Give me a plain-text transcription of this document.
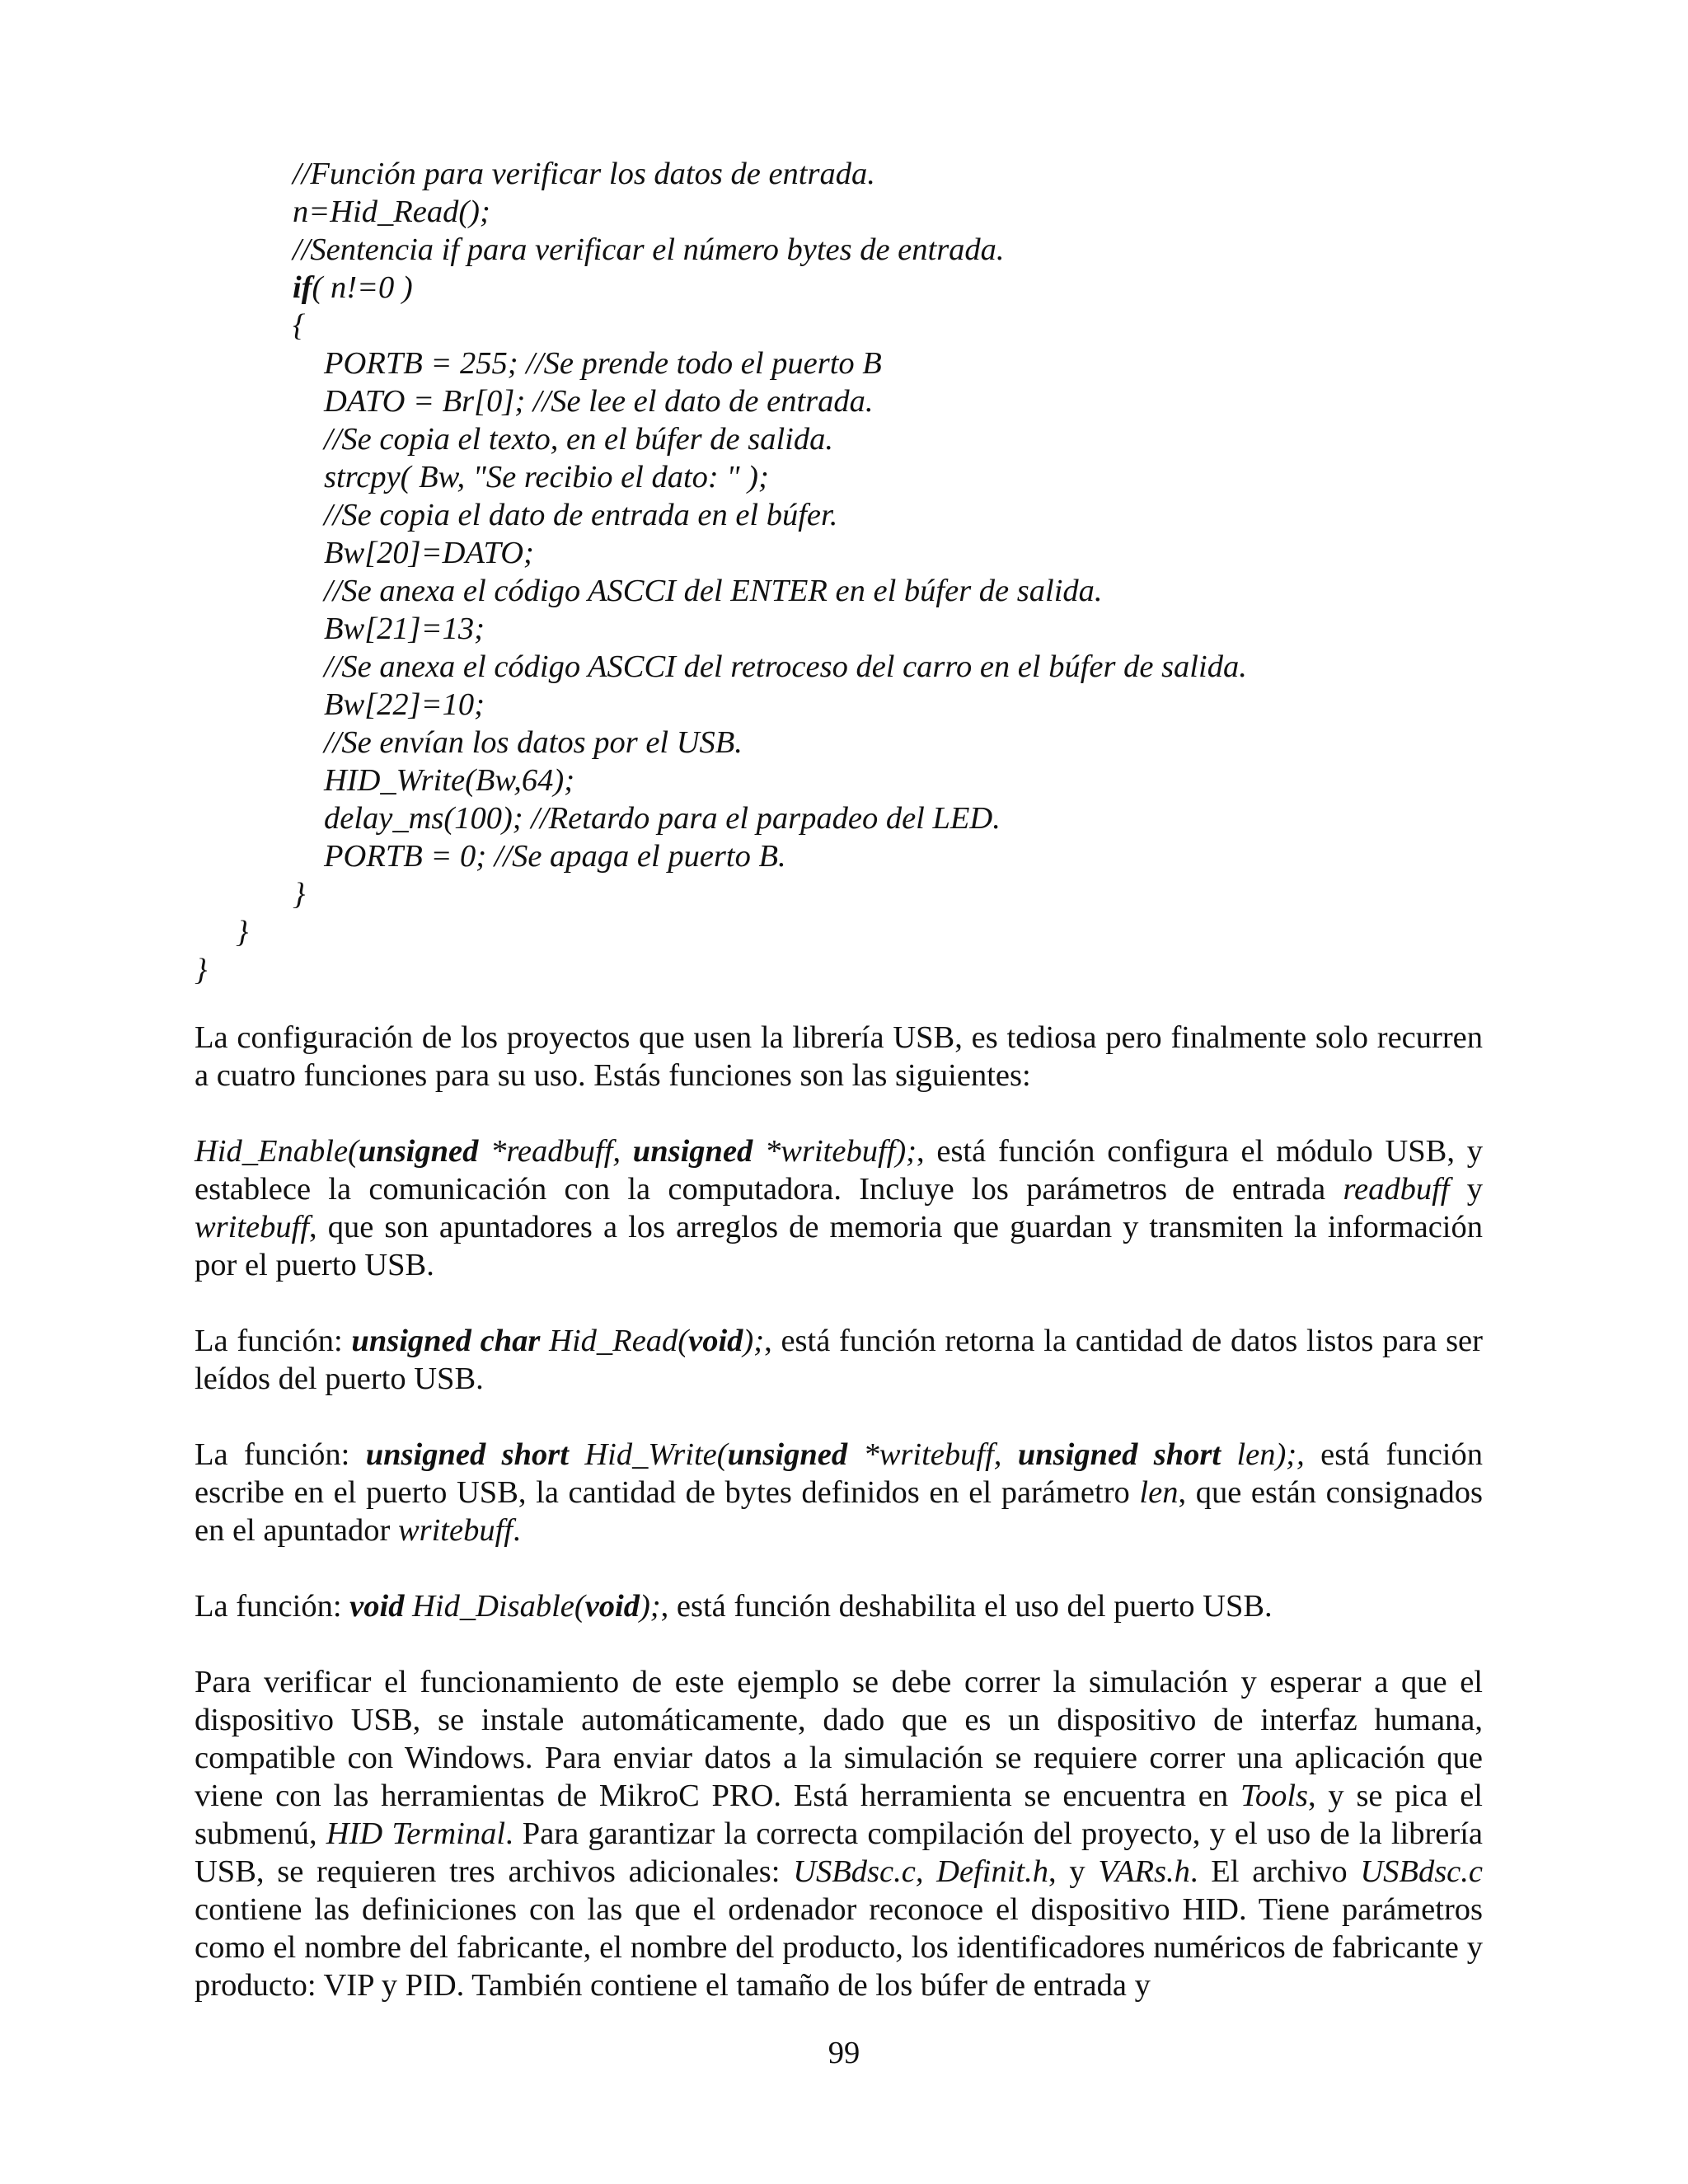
//Función para verificar los datos de entrada.
n=Hid_Read();
//Sentencia if para verificar el número bytes de entrada.
if( n!=0 )
{
PORTB = 255; //Se prende todo el puerto B
DATO = Br[0]; //Se lee el dato de entrada.
//Se copia el texto, en el búfer de salida.
strcpy( Bw, "Se recibio el dato: " );
//Se copia el dato de entrada en el búfer.
Bw[20]=DATO;
//Se anexa el código ASCCI del ENTER en el búfer de salida.
Bw[21]=13;
//Se anexa el código ASCCI del retroceso del carro en el búfer de salida.
Bw[22]=10;
//Se envían los datos por el USB.
HID_Write(Bw,64);
delay_ms(100); //Retardo para el parpadeo del LED.
PORTB = 0; //Se apaga el puerto B.
}
}
}

La configuración de los proyectos que usen la librería USB, es tediosa pero finalmente solo recurren a cuatro funciones para su uso. Estás funciones son las siguientes:

Hid_Enable(unsigned *readbuff, unsigned *writebuff);, está función configura el módulo USB, y establece la comunicación con la computadora. Incluye los parámetros de entrada readbuff y writebuff, que son apuntadores a los arreglos de memoria que guardan y transmiten la información por el puerto USB.

La función: unsigned char Hid_Read(void);, está función retorna la cantidad de datos listos para ser leídos del puerto USB.

La función: unsigned short Hid_Write(unsigned *writebuff, unsigned short len);, está función escribe en el puerto USB, la cantidad de bytes definidos en el parámetro len, que están consignados en el apuntador writebuff.

La función: void Hid_Disable(void);, está función deshabilita el uso del puerto USB.

Para verificar el funcionamiento de este ejemplo se debe correr la simulación y esperar a que el dispositivo USB, se instale automáticamente, dado que es un dispositivo de interfaz humana, compatible con Windows. Para enviar datos a la simulación se requiere correr una aplicación que viene con las herramientas de MikroC PRO. Está herramienta se encuentra en Tools, y se pica el submenú, HID Terminal. Para garantizar la correcta compilación del proyecto, y el uso de la librería USB, se requieren tres archivos adicionales: USBdsc.c, Definit.h, y VARs.h. El archivo USBdsc.c contiene las definiciones con las que el ordenador reconoce el dispositivo HID. Tiene parámetros como el nombre del fabricante, el nombre del producto, los identificadores numéricos de fabricante y producto: VIP y PID. También contiene el tamaño de los búfer de entrada y

99
